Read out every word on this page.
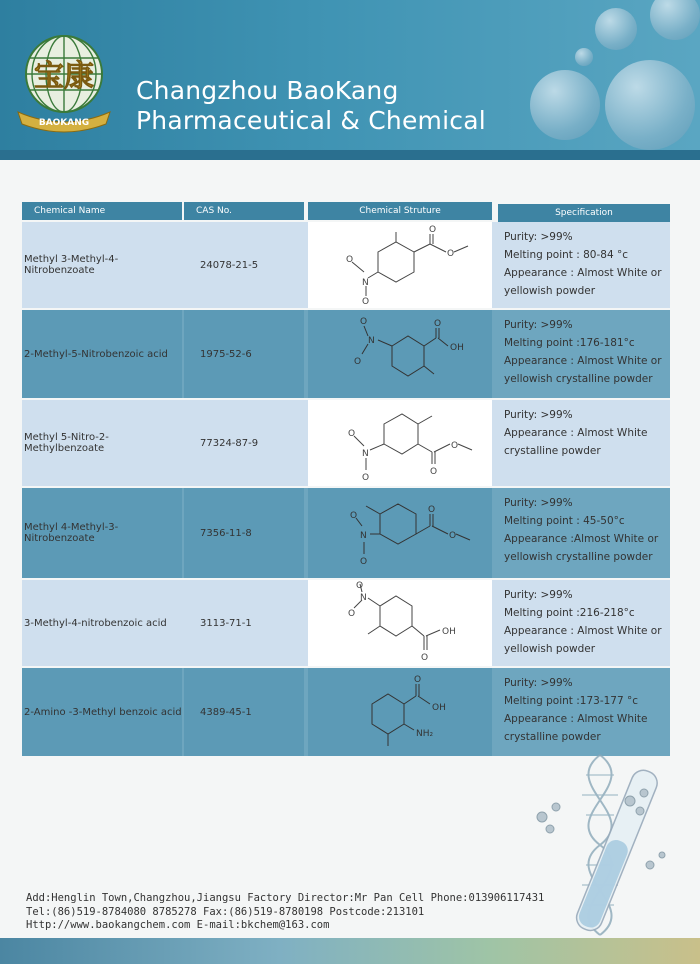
宝康
BAOKANG
Changzhou BaoKang
Pharmaceutical & Chemical
Chemical Name	CAS No.	Chemical Struture	Specification
Methyl 3-Methyl-4-Nitrobenzoate	24078-21-5
O
O
O
N
O
Purity: >99%
Melting point : 80-84 °c
Appearance : Almost White or
yellowish powder
2-Methyl-5-Nitrobenzoic acid	1975-52-6
O
N
O
O
OH
Purity: >99%
Melting point :176-181°c
Appearance : Almost White or
yellowish crystalline powder
Methyl 5-Nitro-2-Methylbenzoate	77324-87-9
O
N
O
O
O
Purity: >99%
Appearance : Almost White
crystalline powder
Methyl 4-Methyl-3-Nitrobenzoate	7356-11-8
O
N
O
O
O
Purity: >99%
Melting point : 45-50°c
Appearance :Almost White or
yellowish crystalline powder
3-Methyl-4-nitrobenzoic acid	3113-71-1
O
N
O
O
OH
Purity: >99%
Melting point :216-218°c
Appearance : Almost White or
yellowish powder
2-Amino -3-Methyl benzoic acid	4389-45-1
O
OH
NH₂
Purity: >99%
Melting point :173-177 °c
Appearance : Almost White
crystalline powder
Add:Henglin Town,Changzhou,Jiangsu Factory Director:Mr Pan Cell Phone:013906117431
Tel:(86)519-8784080 8785278 Fax:(86)519-8780198 Postcode:213101
Http://www.baokangchem.com E-mail:bkchem@163.com
